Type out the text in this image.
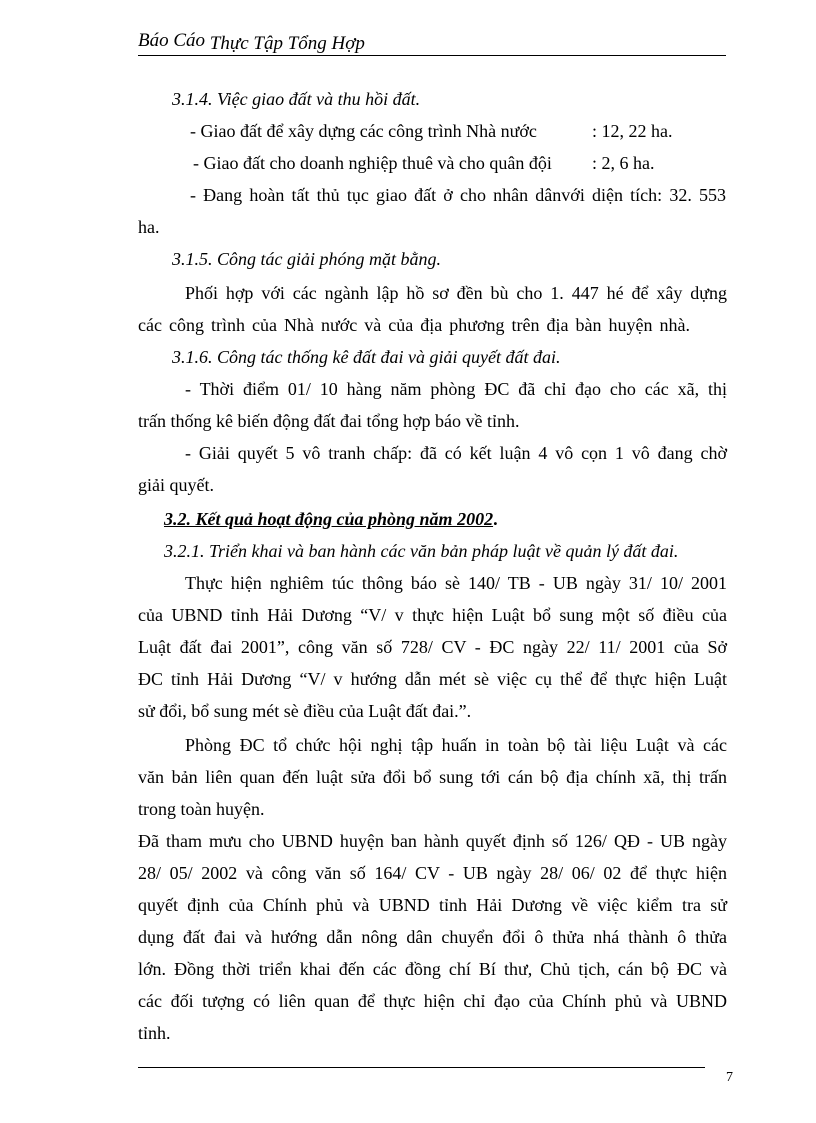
Báo Cáo Thực Tập Tổng Hợp
3.1.4. Việc giao đất và thu hồi đất.
- Giao đất để xây dựng các công trình Nhà nước	: 12, 22 ha.
- Giao đất cho doanh nghiệp thuê và cho quân đội : 2, 6 ha.
- Đang hoàn tất thủ tục giao đất ở cho nhân dânvới diện tích: 32. 553
ha.
3.1.5. Công tác giải phóng mặt bằng.
Phối hợp với các ngành lập hồ sơ đền bù cho 1. 447 hé để xây dựng
các công trình của Nhà nước và của địa phương trên địa bàn huyện nhà.
3.1.6. Công tác thống kê đất đai và giải quyết đất đai.
- Thời điểm 01/ 10 hàng năm phòng ĐC đã chỉ đạo cho các xã, thị
trấn thống kê biến động đất đai tổng hợp báo về tỉnh.
- Giải quyết 5 vô tranh chấp: đã có kết luận 4 vô cọn 1 vô đang chờ
giải quyết.
3.2. Kết quả hoạt động của phòng năm 2002.
3.2.1. Triển khai và ban hành các văn bản pháp luật về quản lý đất đai.
Thực hiện nghiêm túc thông báo sè 140/ TB - UB ngày 31/ 10/ 2001
của UBND tỉnh Hải Dương “V/ v thực hiện Luật bổ sung một số điều của
Luật đất đai 2001”, công văn số 728/ CV - ĐC ngày 22/ 11/ 2001 của Sở
ĐC tỉnh Hải Dương “V/ v hướng dẫn mét sè việc cụ thể để thực hiện Luật
sử đổi, bổ sung mét sè điều của Luật đất đai.”.
Phòng ĐC tổ chức hội nghị tập huấn in toàn bộ tài liệu Luật và các
văn bản liên quan đến luật sửa đổi bổ sung tới cán bộ địa chính xã, thị trấn
trong toàn huyện.
Đã tham mưu cho UBND huyện ban hành quyết định số 126/ QĐ - UB ngày
28/ 05/ 2002 và công văn số 164/ CV - UB ngày 28/ 06/ 02 để thực hiện
quyết định của Chính phủ và UBND tỉnh Hải Dương về việc kiểm tra sử
dụng đất đai và hướng dẫn nông dân chuyển đổi ô thửa nhá thành ô thửa
lớn. Đồng thời triển khai đến các đồng chí Bí thư, Chủ tịch, cán bộ ĐC và
các đối tượng có liên quan để thực hiện chỉ đạo của Chính phủ và UBND
tỉnh.
7
